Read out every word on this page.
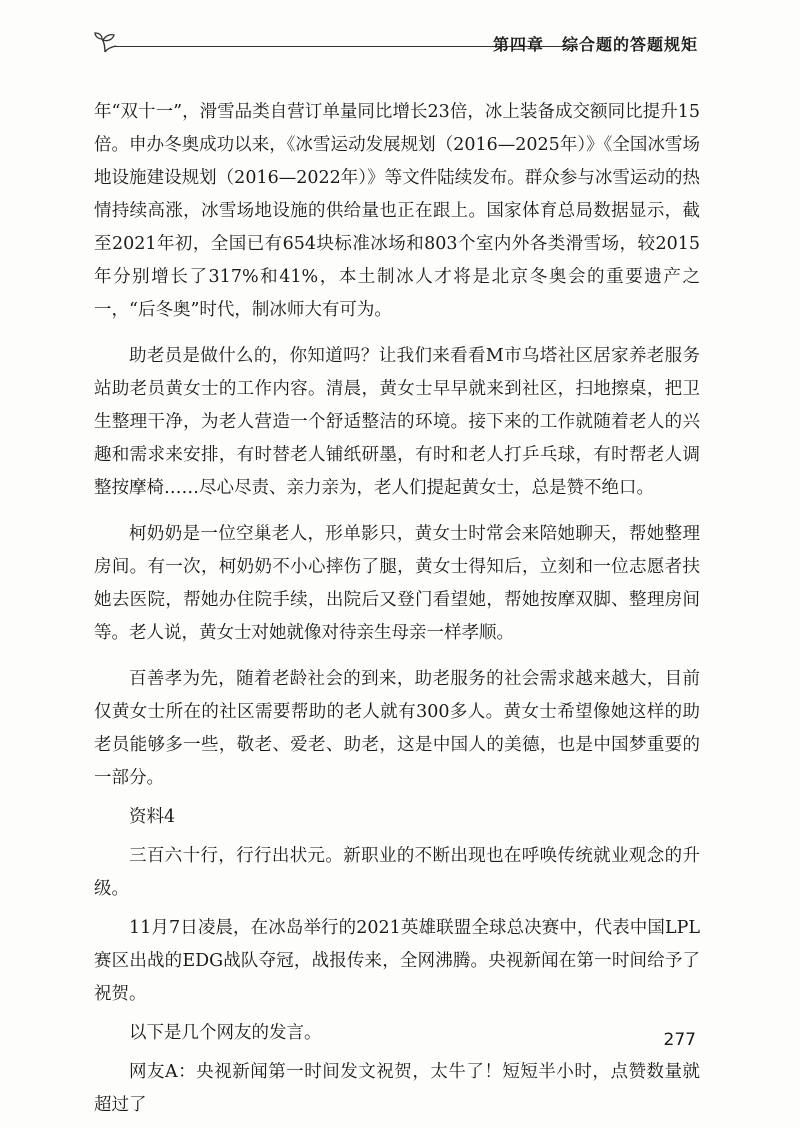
第四章 综合题的答题规矩

年“双十一”，滑雪品类自营订单量同比增长23倍，冰上装备成交额同比提升15倍。申办冬奥成功以来，《冰雪运动发展规划（2016—2025年）》《全国冰雪场地设施建设规划（2016—2022年）》等文件陆续发布。群众参与冰雪运动的热情持续高涨，冰雪场地设施的供给量也正在跟上。国家体育总局数据显示，截至2021年初，全国已有654块标准冰场和803个室内外各类滑雪场，较2015年分别增长了317%和41%，本土制冰人才将是北京冬奥会的重要遗产之一，“后冬奥”时代，制冰师大有可为。

助老员是做什么的，你知道吗？让我们来看看M市乌塔社区居家养老服务站助老员黄女士的工作内容。清晨，黄女士早早就来到社区，扫地擦桌，把卫生整理干净，为老人营造一个舒适整洁的环境。接下来的工作就随着老人的兴趣和需求来安排，有时替老人铺纸研墨，有时和老人打乒乓球，有时帮老人调整按摩椅……尽心尽责、亲力亲为，老人们提起黄女士，总是赞不绝口。

柯奶奶是一位空巢老人，形单影只，黄女士时常会来陪她聊天，帮她整理房间。有一次，柯奶奶不小心摔伤了腿，黄女士得知后，立刻和一位志愿者扶她去医院，帮她办住院手续，出院后又登门看望她，帮她按摩双脚、整理房间等。老人说，黄女士对她就像对待亲生母亲一样孝顺。

百善孝为先，随着老龄社会的到来，助老服务的社会需求越来越大，目前仅黄女士所在的社区需要帮助的老人就有300多人。黄女士希望像她这样的助老员能够多一些，敬老、爱老、助老，这是中国人的美德，也是中国梦重要的一部分。

资料4

三百六十行，行行出状元。新职业的不断出现也在呼唤传统就业观念的升级。

11月7日凌晨，在冰岛举行的2021英雄联盟全球总决赛中，代表中国LPL赛区出战的EDG战队夺冠，战报传来，全网沸腾。央视新闻在第一时间给予了祝贺。

以下是几个网友的发言。

网友A：央视新闻第一时间发文祝贺，太牛了！短短半小时，点赞数量就超过了

277
